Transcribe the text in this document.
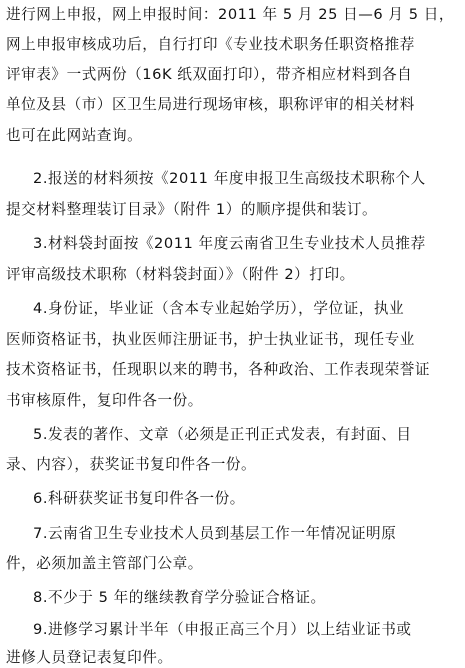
进行网上申报，网上申报时间：2011 年 5 月 25 日—6 月 5 日，
网上申报审核成功后，自行打印《专业技术职务任职资格推荐
评审表》一式两份（16K 纸双面打印），带齐相应材料到各自
单位及县（市）区卫生局进行现场审核，职称评审的相关材料
也可在此网站查询。
2.报送的材料须按《2011 年度申报卫生高级技术职称个人
提交材料整理装订目录》（附件 1）的顺序提供和装订。
3.材料袋封面按《2011 年度云南省卫生专业技术人员推荐
评审高级技术职称（材料袋封面）》（附件 2）打印。
4.身份证，毕业证（含本专业起始学历），学位证，执业
医师资格证书，执业医师注册证书，护士执业证书，现任专业
技术资格证书，任现职以来的聘书，各种政治、工作表现荣誉证
书审核原件，复印件各一份。
5.发表的著作、文章（必须是正刊正式发表，有封面、目
录、内容），获奖证书复印件各一份。
6.科研获奖证书复印件各一份。
7.云南省卫生专业技术人员到基层工作一年情况证明原
件，必须加盖主管部门公章。
8.不少于 5 年的继续教育学分验证合格证。
9.进修学习累计半年（申报正高三个月）以上结业证书或
进修人员登记表复印件。
